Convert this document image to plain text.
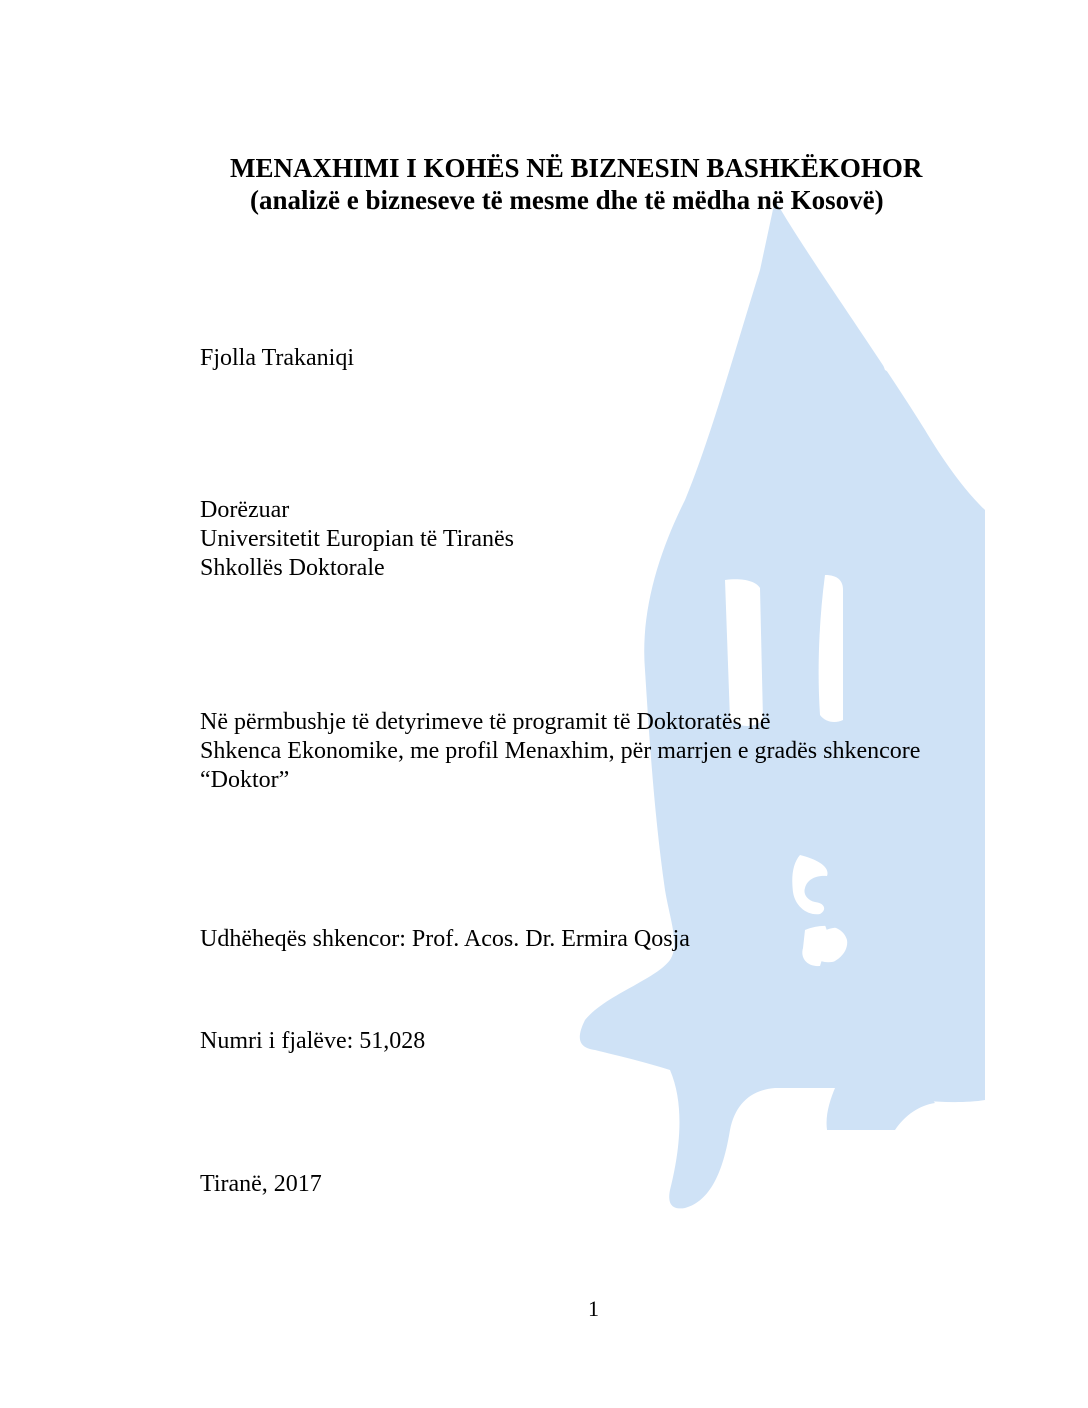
MENAXHIMI I KOHËS NË BIZNESIN BASHKËKOHOR
(analizë e bizneseve të mesme dhe të mëdha në Kosovë)

Fjolla Trakaniqi

Dorëzuar

Universitetit Europian të Tiranës

Shkollës Doktorale

Në përmbushje të detyrimeve të programit të Doktoratës në

Shkenca Ekonomike, me profil Menaxhim, për marrjen e gradës shkencore

“Doktor”

Udhëheqës shkencor: Prof. Acos. Dr. Ermira Qosja

Numri i fjalëve: 51,028

Tiranë, 2017

1
